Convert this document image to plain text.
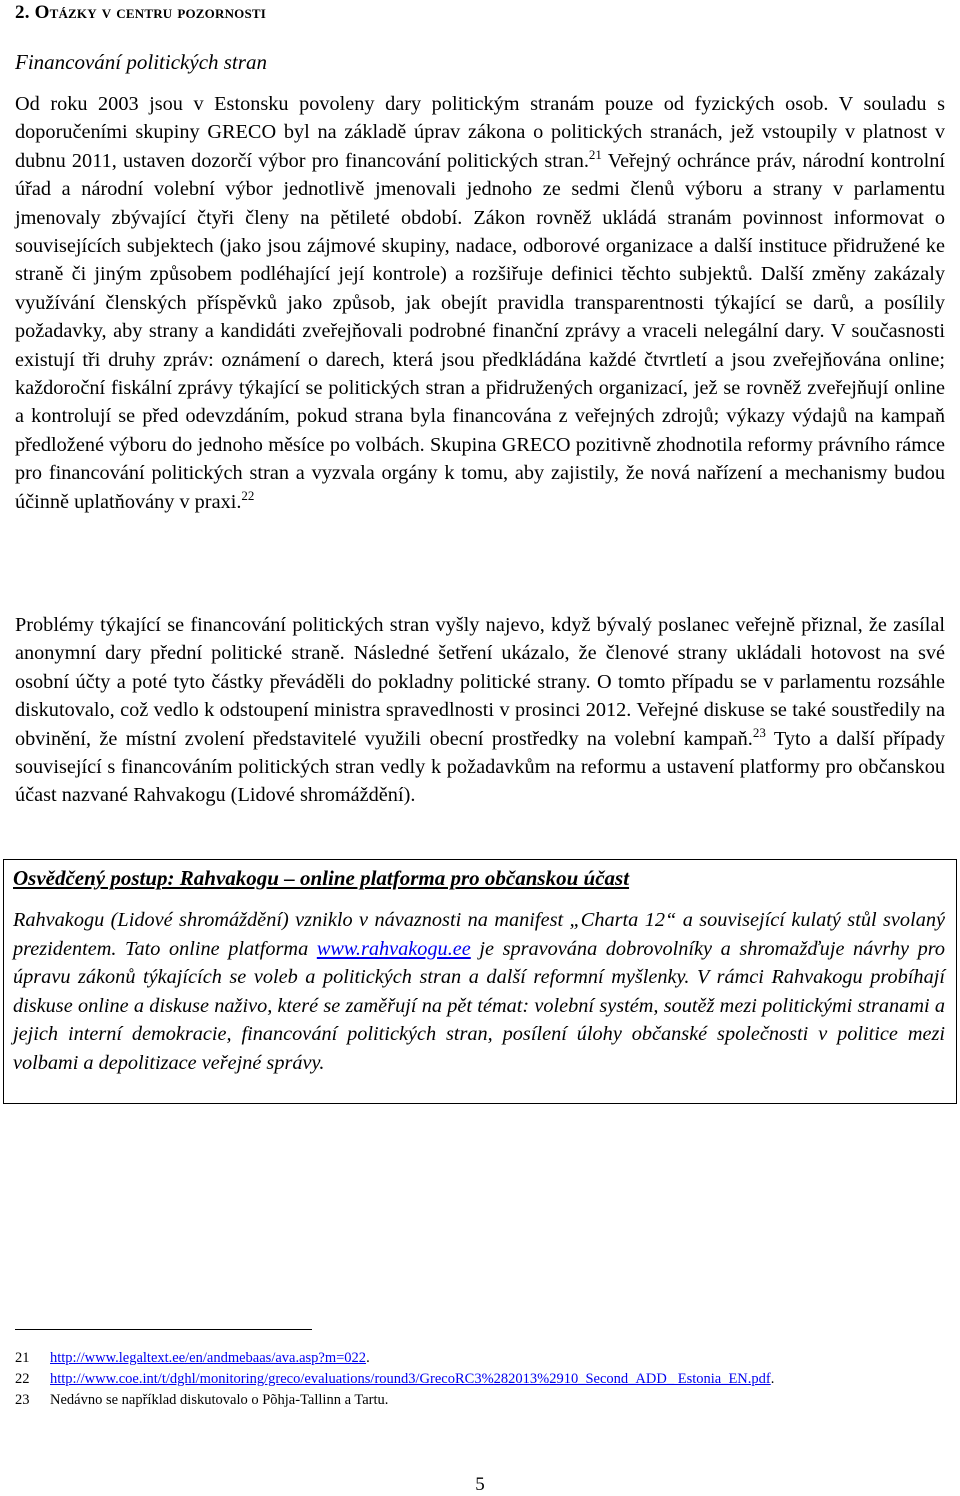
2. Otázky v centru pozornosti
Financování politických stran

Od roku 2003 jsou v Estonsku povoleny dary politickým stranám pouze od fyzických osob. V souladu s doporučeními skupiny GRECO byl na základě úprav zákona o politických stranách, jež vstoupily v platnost v dubnu 2011, ustaven dozorčí výbor pro financování politických stran.$^{21}$ Veřejný ochránce práv, národní kontrolní úřad a národní volební výbor jednotlivě jmenovali jednoho ze sedmi členů výboru a strany v parlamentu jmenovaly zbývající čtyři členy na pětileté období. Zákon rovněž ukládá stranám povinnost informovat o souvisejících subjektech (jako jsou zájmové skupiny, nadace, odborové organizace a další instituce přidružené ke straně či jiným způsobem podléhající její kontrole) a rozšiřuje definici těchto subjektů. Další změny zakázaly využívání členských příspěvků jako způsob, jak obejít pravidla transparentnosti týkající se darů, a posílily požadavky, aby strany a kandidáti zveřejňovali podrobné finanční zprávy a vraceli nelegální dary. V současnosti existují tři druhy zpráv: oznámení o darech, která jsou předkládána každé čtvrtletí a jsou zveřejňována online; každoroční fiskální zprávy týkající se politických stran a přidružených organizací, jež se rovněž zveřejňují online a kontrolují se před odevzdáním, pokud strana byla financována z veřejných zdrojů; výkazy výdajů na kampaň předložené výboru do jednoho měsíce po volbách. Skupina GRECO pozitivně zhodnotila reformy právního rámce pro financování politických stran a vyzvala orgány k tomu, aby zajistily, že nová nařízení a mechanismy budou účinně uplatňovány v praxi.$^{22}$

Problémy týkající se financování politických stran vyšly najevo, když bývalý poslanec veřejně přiznal, že zasílal anonymní dary přední politické straně. Následné šetření ukázalo, že členové strany ukládali hotovost na své osobní účty a poté tyto částky převáděli do pokladny politické strany. O tomto případu se v parlamentu rozsáhle diskutovalo, což vedlo k odstoupení ministra spravedlnosti v prosinci 2012. Veřejné diskuse se také soustředily na obvinění, že místní zvolení představitelé využili obecní prostředky na volební kampaň.$^{23}$ Tyto a další případy související s financováním politických stran vedly k požadavkům na reformu a ustavení platformy pro občanskou účast nazvané Rahvakogu (Lidové shromáždění).

Osvědčený postup: Rahvakogu – online platforma pro občanskou účast

Rahvakogu (Lidové shromáždění) vzniklo v návaznosti na manifest „Charta 12“ a související kulatý stůl svolaný prezidentem. Tato online platforma www.rahvakogu.ee je spravována dobrovolníky a shromažďuje návrhy pro úpravu zákonů týkajících se voleb a politických stran a další reformní myšlenky. V rámci Rahvakogu probíhají diskuse online a diskuse naživo, které se zaměřují na pět témat: volební systém, soutěž mezi politickými stranami a jejich interní demokracie, financování politických stran, posílení úlohy občanské společnosti v politice mezi volbami a depolitizace veřejné správy.

21	http://www.legaltext.ee/en/andmebaas/ava.asp?m=022.
22	http://www.coe.int/t/dghl/monitoring/greco/evaluations/round3/GrecoRC3%282013%2910_Second_ADD_ Estonia_EN.pdf.
23	Nedávno se například diskutovalo o Põhja-Tallinn a Tartu.
5
